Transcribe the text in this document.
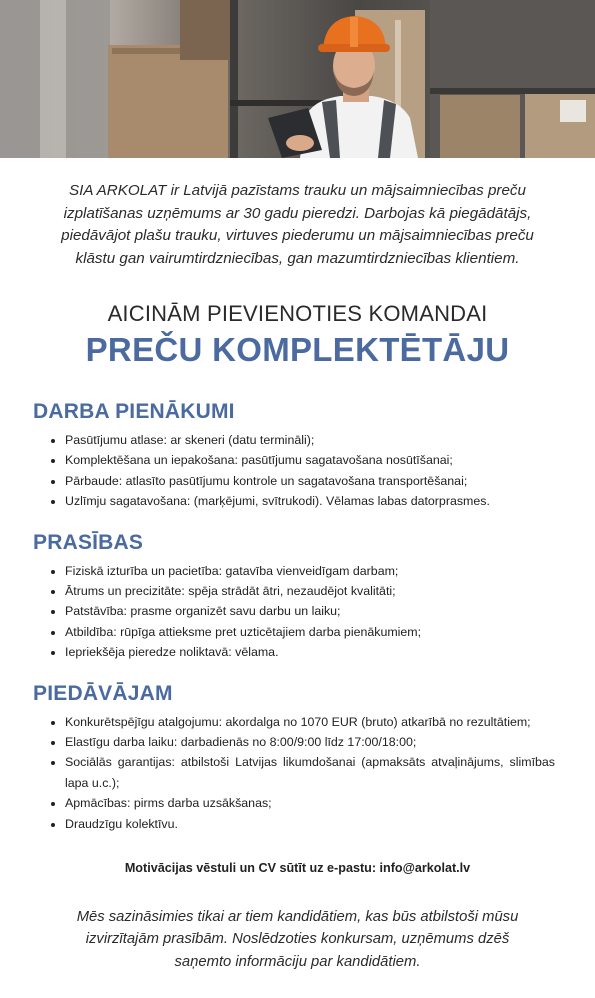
SIA ARKOLAT ir Latvijā pazīstams trauku un mājsaimniecības preču izplatīšanas uzņēmums ar 30 gadu pieredzi. Darbojas kā piegādātājs, piedāvājot plašu trauku, virtuves piederumu un mājsaimniecības preču klāstu gan vairumtirdzniecības, gan mazumtirdzniecības klientiem.
AICINĀM PIEVIENOTIES KOMANDAI
PREČU KOMPLEKTĒTĀJU
DARBA PIENĀKUMI
• Pasūtījumu atlase: ar skeneri (datu termināli);
• Komplektēšana un iepakošana: pasūtījumu sagatavošana nosūtīšanai;
• Pārbaude: atlasīto pasūtījumu kontrole un sagatavošana transportēšanai;
• Uzlīmju sagatavošana: (marķējumi, svītrukodi). Vēlamas labas datorprasmes.
PRASĪBAS
• Fiziskā izturība un pacietība: gatavība vienveidīgam darbam;
• Ātrums un precizitāte: spēja strādāt ātri, nezaudējot kvalitāti;
• Patstāvība: prasme organizēt savu darbu un laiku;
• Atbildība: rūpīga attieksme pret uzticētajiem darba pienākumiem;
• Iepriekšēja pieredze noliktavā: vēlama.
PIEDĀVĀJAM
• Konkurētspējīgu atalgojumu: akordalga no 1070 EUR (bruto) atkarībā no rezultātiem;
• Elastīgu darba laiku: darbadienās no 8:00/9:00 līdz 17:00/18:00;
• Sociālās garantijas: atbilstoši Latvijas likumdošanai (apmaksāts atvaļinājums, slimības lapa u.c.);
• Apmācības: pirms darba uzsākšanas;
• Draudzīgu kolektīvu.
Motivācijas vēstuli un CV sūtīt uz e-pastu: info@arkolat.lv
Mēs sazināsimies tikai ar tiem kandidātiem, kas būs atbilstoši mūsu izvirzītajām prasībām. Noslēdzoties konkursam, uzņēmums dzēš saņemto informāciju par kandidātiem.
